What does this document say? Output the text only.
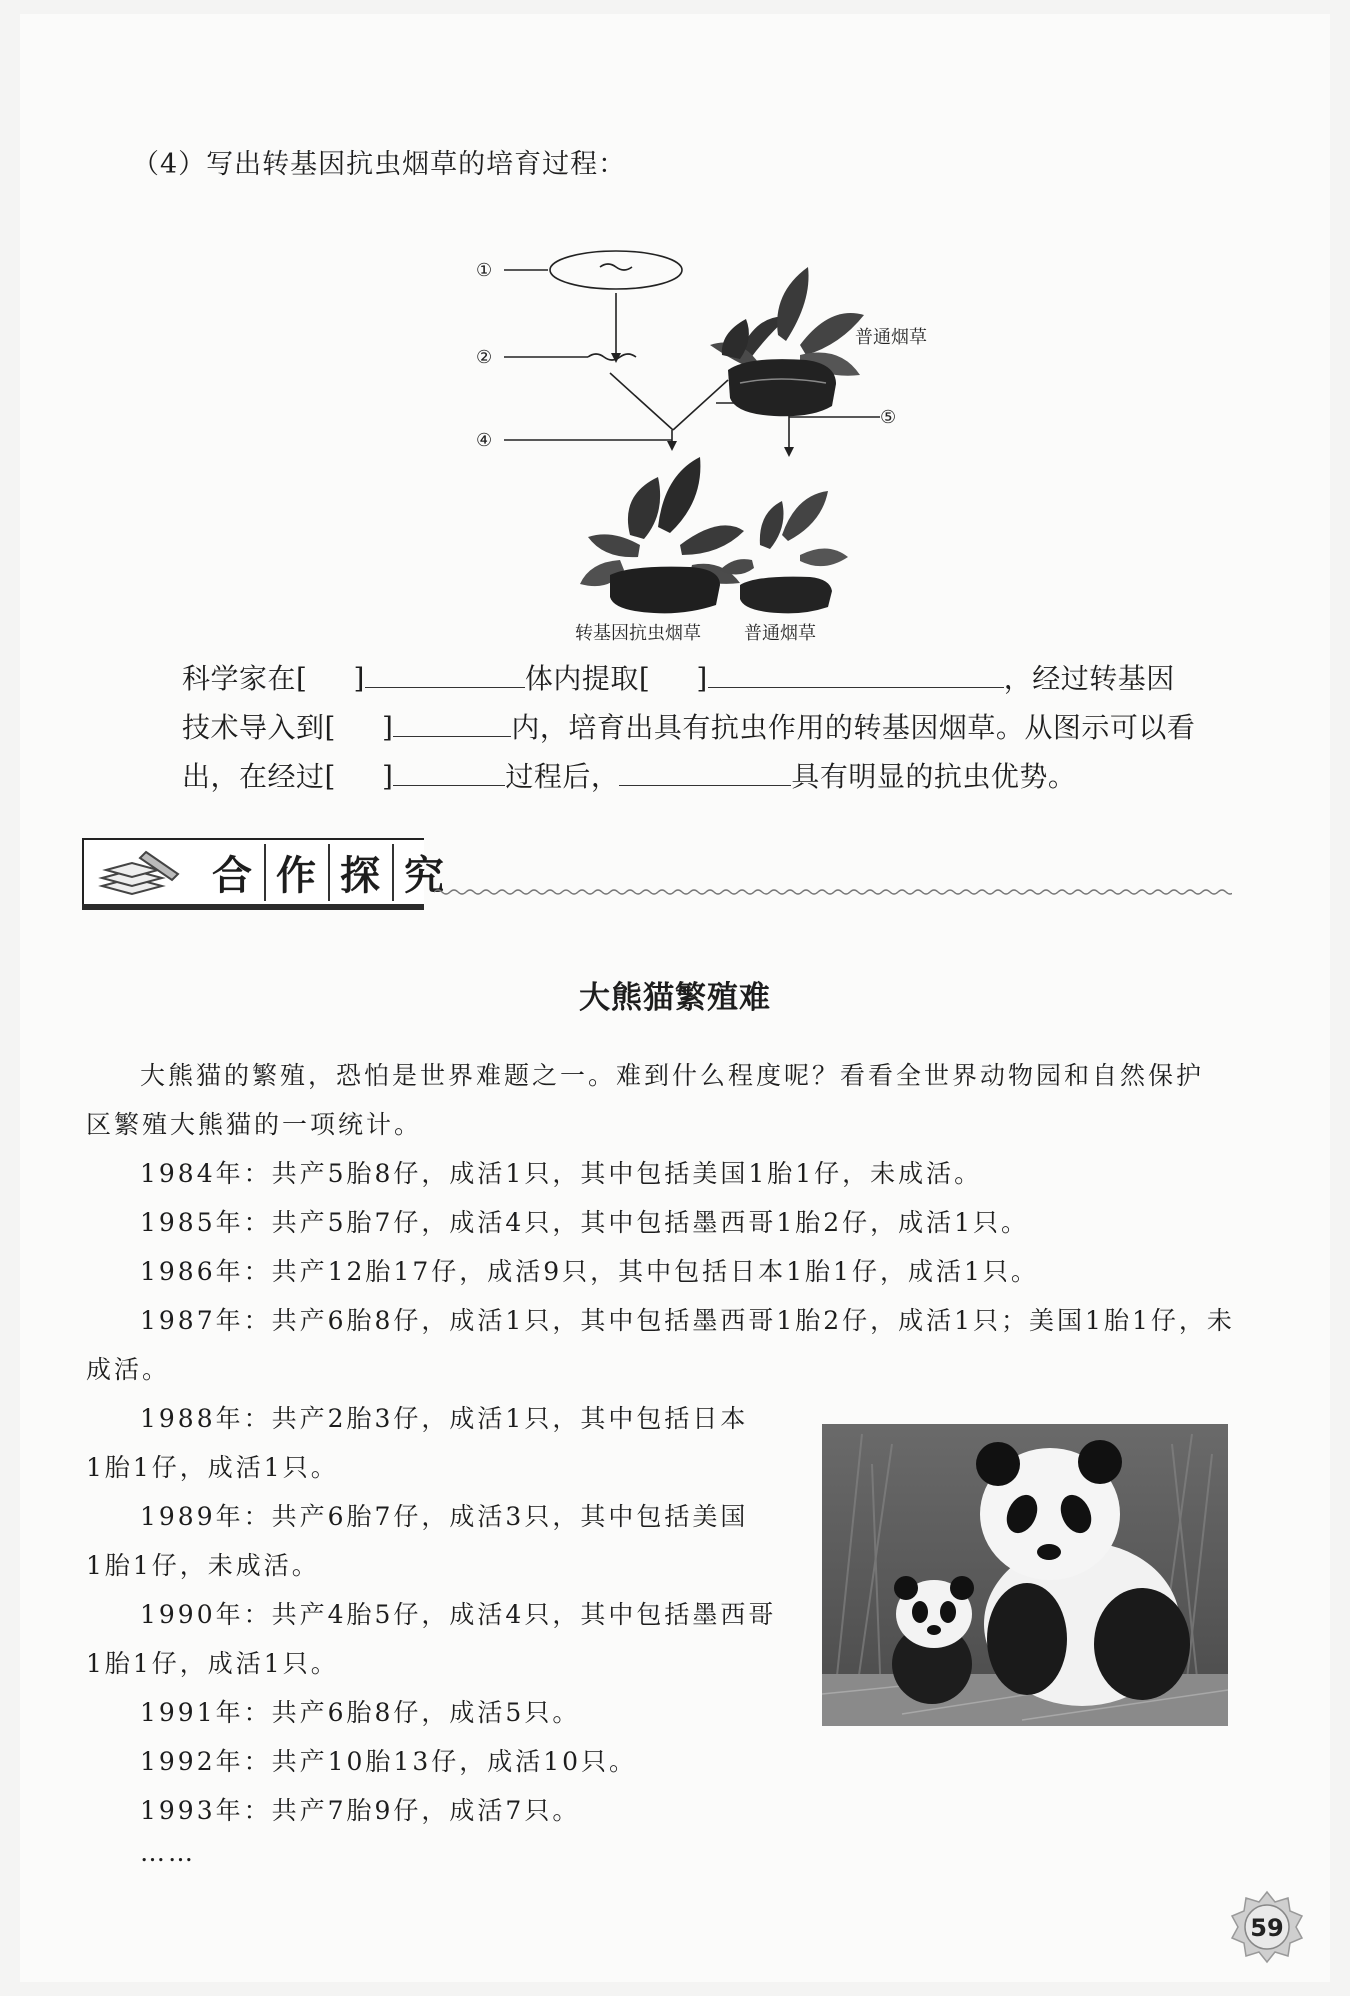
（4）写出转基因抗虫烟草的培育过程：
①
②
④
⑤
普通烟草
转基因抗虫烟草 普通烟草
科学家在[ ]	体内提取[ ]	，经过转基因
技术导入到[ ]	内，培育出具有抗虫作用的转基因烟草。从图示可以看
出，在经过[ ]	过程后，	具有明显的抗虫优势。
合 作 探 究
大熊猫繁殖难
大熊猫的繁殖，恐怕是世界难题之一。难到什么程度呢？看看全世界动物园和自然保护
区繁殖大熊猫的一项统计。
1984年：共产5胎8仔，成活1只，其中包括美国1胎1仔，未成活。
1985年：共产5胎7仔，成活4只，其中包括墨西哥1胎2仔，成活1只。
1986年：共产12胎17仔，成活9只，其中包括日本1胎1仔，成活1只。
1987年：共产6胎8仔，成活1只，其中包括墨西哥1胎2仔，成活1只；美国1胎1仔，未
成活。
1988年：共产2胎3仔，成活1只，其中包括日本
1胎1仔，成活1只。
1989年：共产6胎7仔，成活3只，其中包括美国
1胎1仔，未成活。
1990年：共产4胎5仔，成活4只，其中包括墨西哥
1胎1仔，成活1只。
1991年：共产6胎8仔，成活5只。
1992年：共产10胎13仔，成活10只。
1993年：共产7胎9仔，成活7只。
……
59
